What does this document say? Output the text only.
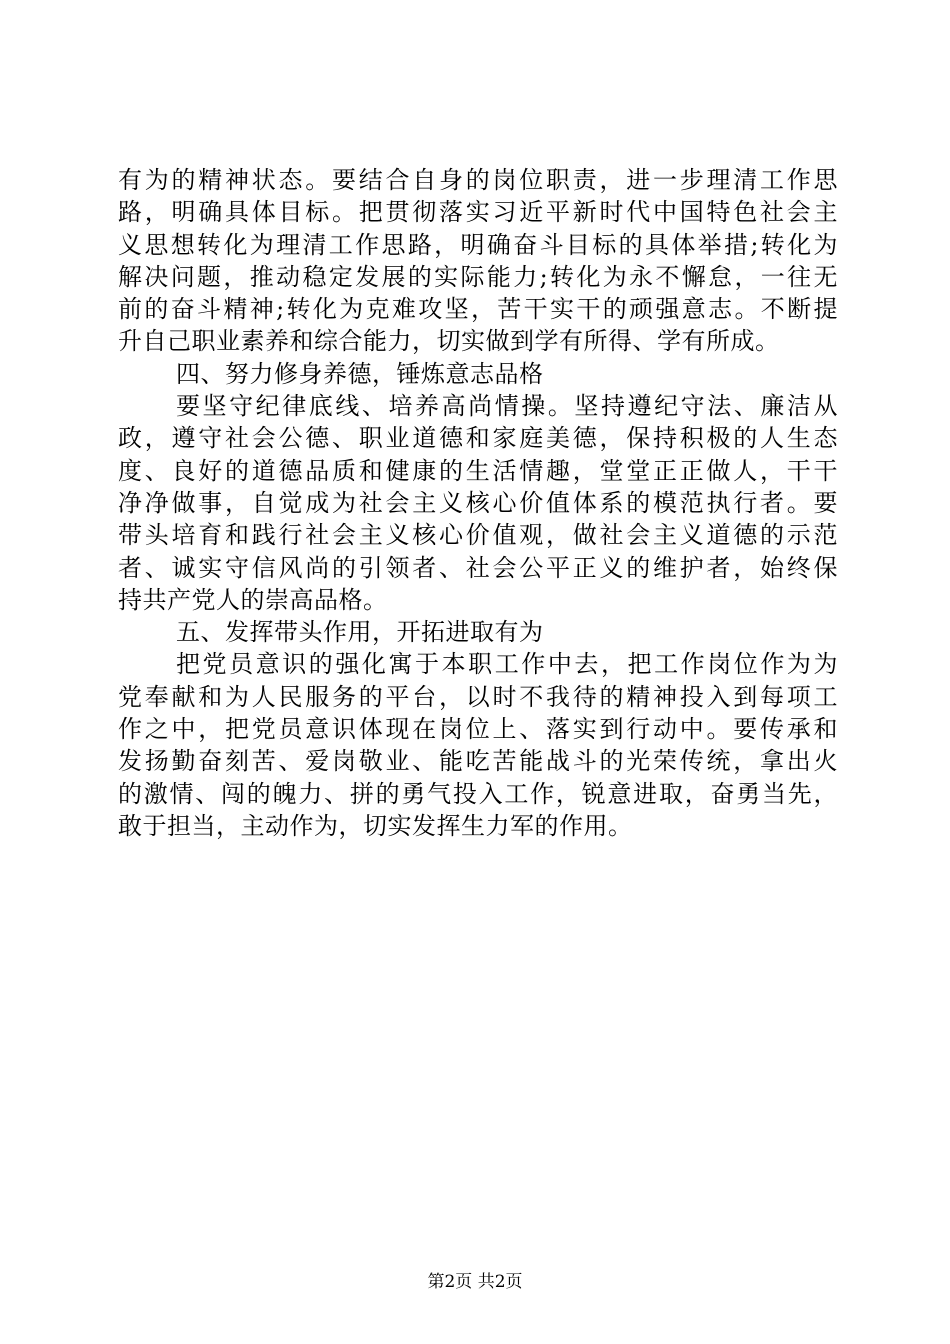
有为的精神状态。要结合自身的岗位职责，进一步理清工作思
路，明确具体目标。把贯彻落实习近平新时代中国特色社会主
义思想转化为理清工作思路，明确奋斗目标的具体举措;转化为
解决问题，推动稳定发展的实际能力;转化为永不懈怠，一往无
前的奋斗精神;转化为克难攻坚，苦干实干的顽强意志。不断提
升自己职业素养和综合能力，切实做到学有所得、学有所成。
四、努力修身养德，锤炼意志品格
要坚守纪律底线、培养高尚情操。坚持遵纪守法、廉洁从
政，遵守社会公德、职业道德和家庭美德，保持积极的人生态
度、良好的道德品质和健康的生活情趣，堂堂正正做人，干干
净净做事，自觉成为社会主义核心价值体系的模范执行者。要
带头培育和践行社会主义核心价值观，做社会主义道德的示范
者、诚实守信风尚的引领者、社会公平正义的维护者，始终保
持共产党人的崇高品格。
五、发挥带头作用，开拓进取有为
把党员意识的强化寓于本职工作中去，把工作岗位作为为
党奉献和为人民服务的平台，以时不我待的精神投入到每项工
作之中，把党员意识体现在岗位上、落实到行动中。要传承和
发扬勤奋刻苦、爱岗敬业、能吃苦能战斗的光荣传统，拿出火
的激情、闯的魄力、拼的勇气投入工作，锐意进取，奋勇当先，
敢于担当，主动作为，切实发挥生力军的作用。
第2页 共2页
